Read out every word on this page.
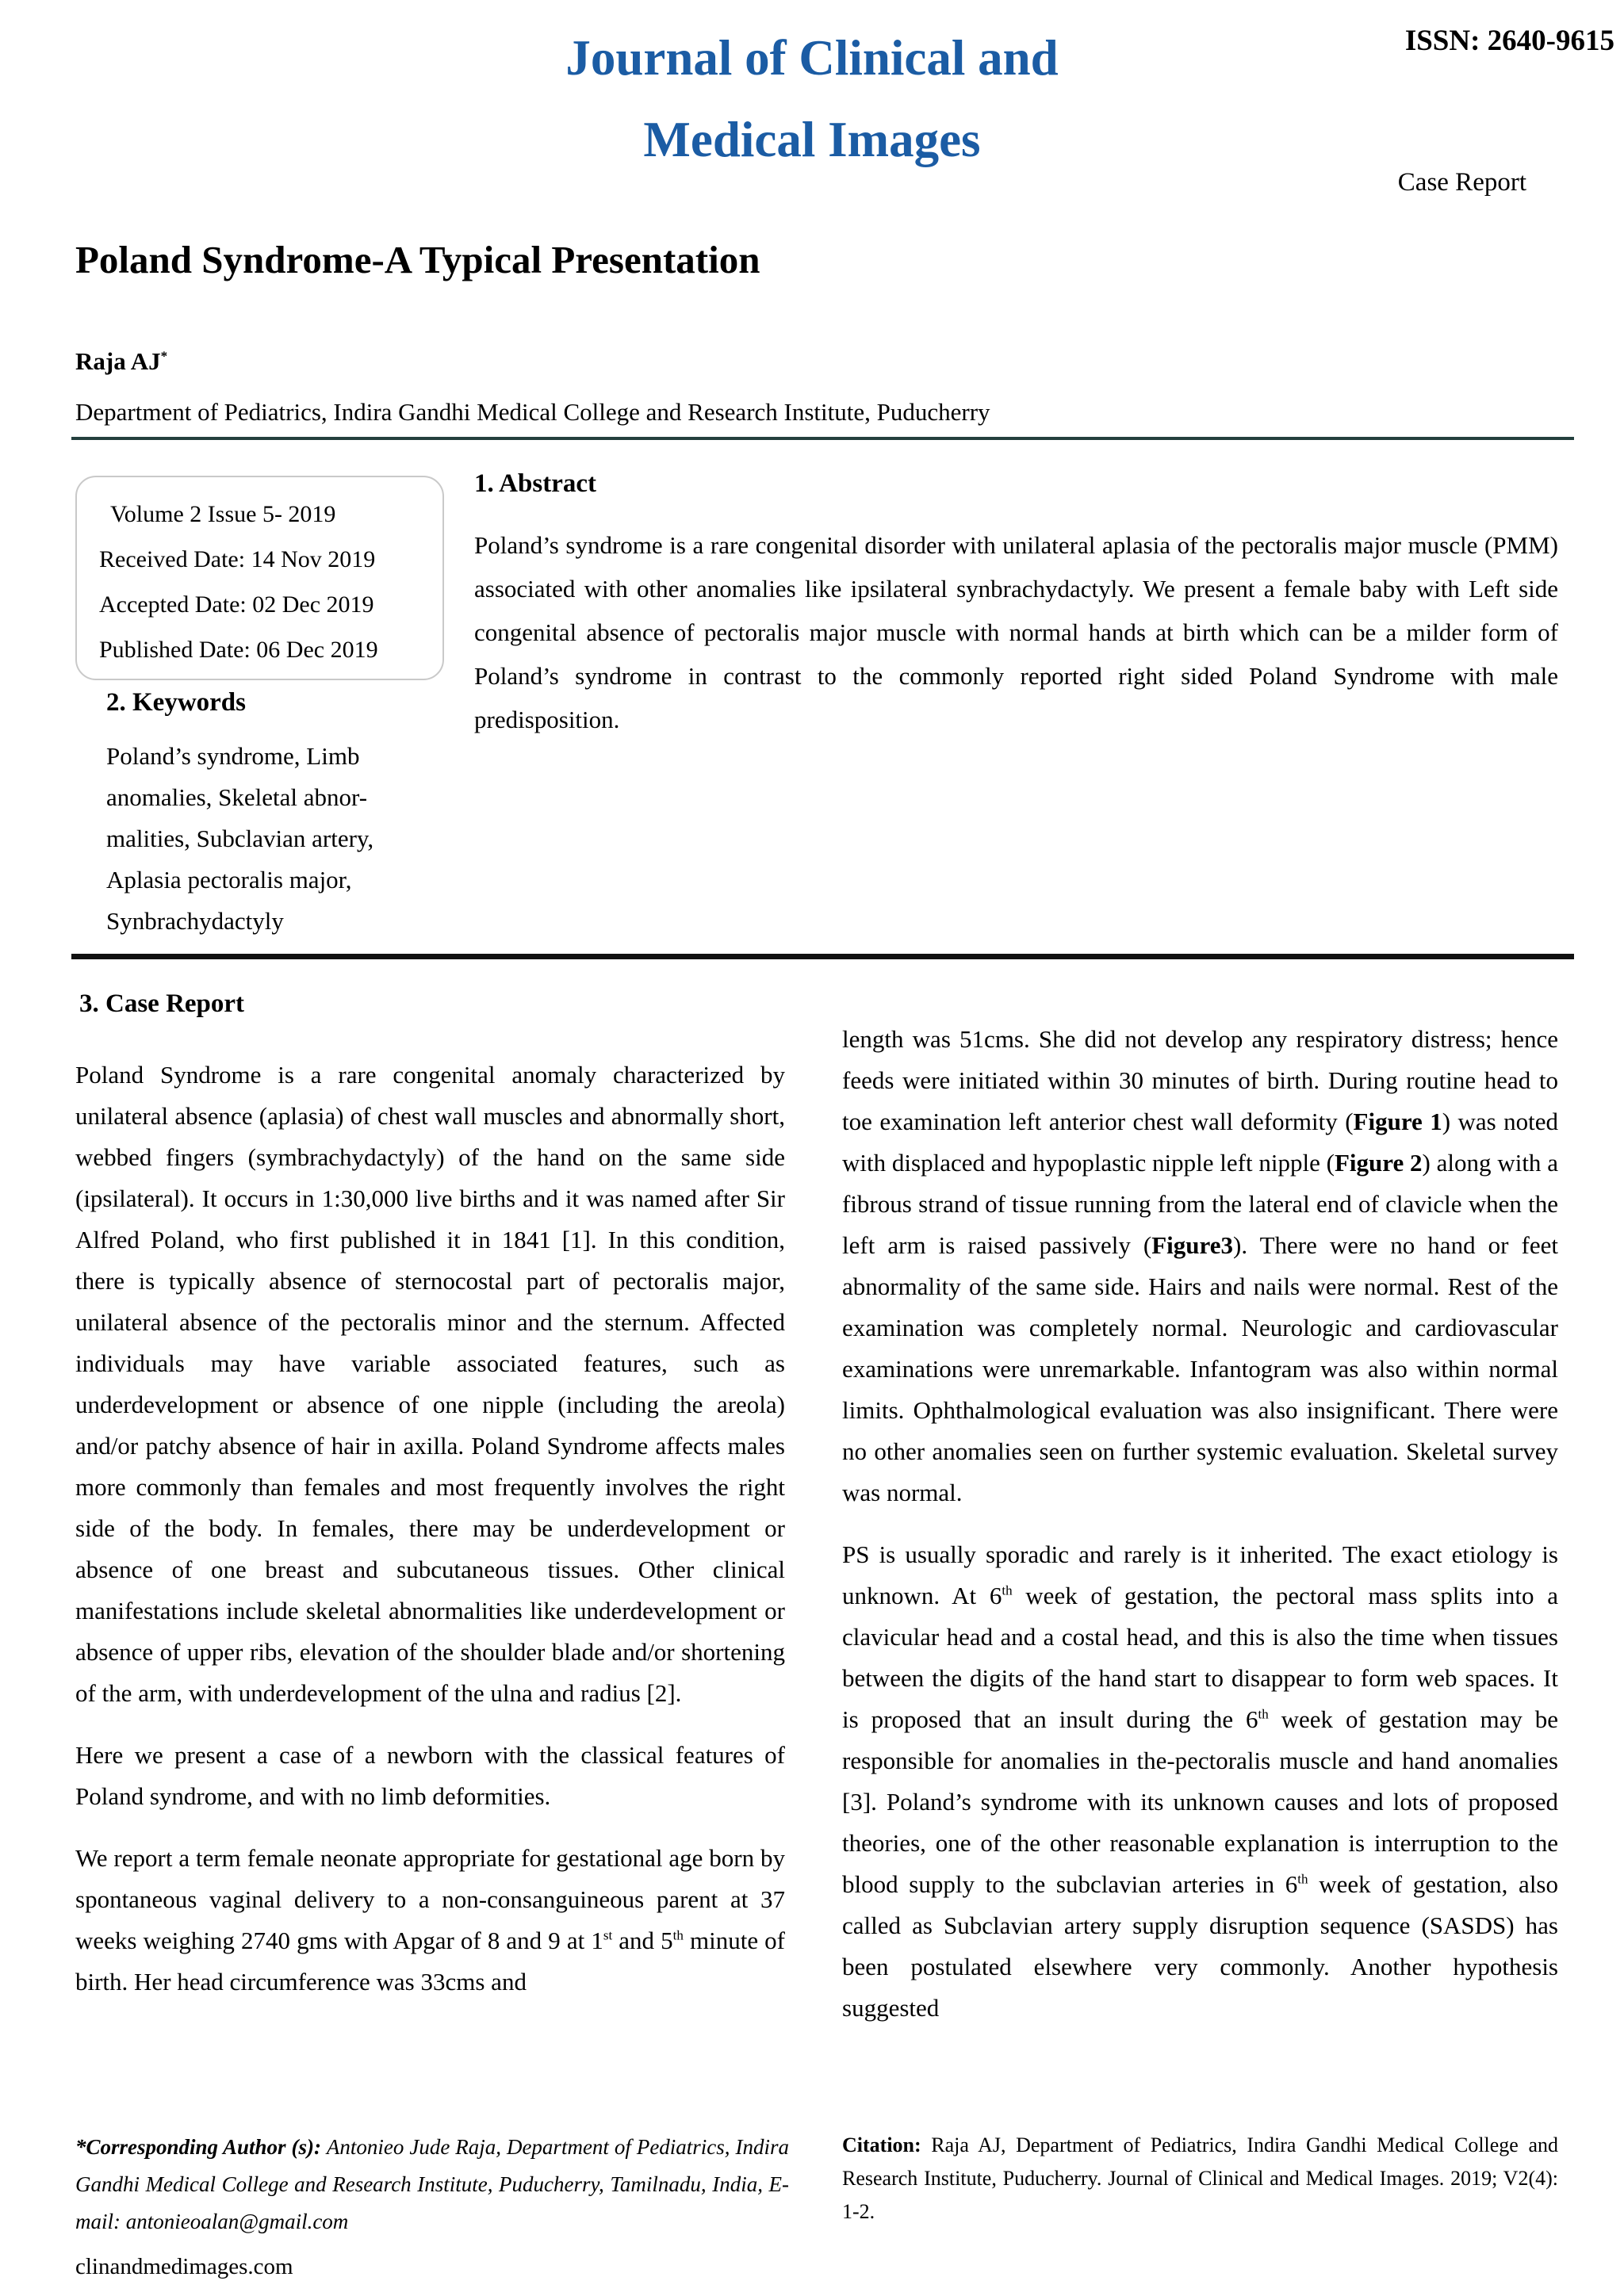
Journal of Clinical and
Medical Images
ISSN: 2640-9615
Case Report
Poland Syndrome-A Typical Presentation
Raja AJ*
Department of Pediatrics, Indira Gandhi Medical College and Research Institute, Puducherry
Volume 2 Issue 5- 2019
Received Date: 14 Nov 2019
Accepted Date: 02 Dec 2019
Published Date: 06 Dec 2019
1. Abstract
Poland’s syndrome is a rare congenital disorder with unilateral aplasia of the pectoralis major muscle (PMM) associated with other anomalies like ipsilateral synbrachydactyly. We present a female baby with Left side congenital absence of pectoralis major muscle with normal hands at birth which can be a milder form of Poland’s syndrome in contrast to the commonly reported right sided Poland Syndrome with male predisposition.
2. Keywords
Poland’s syndrome, Limb
anomalies, Skeletal abnor-
malities, Subclavian artery,
Aplasia pectoralis major,
Synbrachydactyly
3. Case Report

Poland Syndrome is a rare congenital anomaly characterized by unilateral absence (aplasia) of chest wall muscles and abnormally short, webbed fingers (symbrachydactyly) of the hand on the same side (ipsilateral). It occurs in 1:30,000 live births and it was named after Sir Alfred Poland, who first published it in 1841 [1]. In this condition, there is typically absence of sternocostal part of pectoralis major, unilateral absence of the pectoralis minor and the sternum. Affected individuals may have variable associated features, such as underdevelopment or absence of one nipple (including the areola) and/or patchy absence of hair in axilla. Poland Syndrome affects males more commonly than females and most frequently involves the right side of the body. In females, there may be underdevelopment or absence of one breast and subcutaneous tissues. Other clinical manifestations include skeletal abnormalities like underdevelopment or absence of upper ribs, elevation of the shoulder blade and/or shortening of the arm, with underdevelopment of the ulna and radius [2].

Here we present a case of a newborn with the classical features of Poland syndrome, and with no limb deformities.

We report a term female neonate appropriate for gestational age born by spontaneous vaginal delivery to a non-consanguineous parent at 37 weeks weighing 2740 gms with Apgar of 8 and 9 at 1st and 5th minute of birth. Her head circumference was 33cms and

length was 51cms. She did not develop any respiratory distress; hence feeds were initiated within 30 minutes of birth. During routine head to toe examination left anterior chest wall deformity (Figure 1) was noted with displaced and hypoplastic nipple left nipple (Figure 2) along with a fibrous strand of tissue running from the lateral end of clavicle when the left arm is raised passively (Figure3). There were no hand or feet abnormality of the same side. Hairs and nails were normal. Rest of the examination was completely normal. Neurologic and cardiovascular examinations were unremarkable. Infantogram was also within normal limits. Ophthalmological evaluation was also insignificant. There were no other anomalies seen on further systemic evaluation. Skeletal survey was normal.

PS is usually sporadic and rarely is it inherited. The exact etiology is unknown. At 6th week of gestation, the pectoral mass splits into a clavicular head and a costal head, and this is also the time when tissues between the digits of the hand start to disappear to form web spaces. It is proposed that an insult during the 6th week of gestation may be responsible for anomalies in the-pectoralis muscle and hand anomalies [3]. Poland’s syndrome with its unknown causes and lots of proposed theories, one of the other reasonable explanation is interruption to the blood supply to the subclavian arteries in 6th week of gestation, also called as Subclavian artery supply disruption sequence (SASDS) has been postulated elsewhere very commonly. Another hypothesis suggested

*Corresponding Author (s): Antonieo Jude Raja, Department of Pediatrics, Indira Gandhi Medical College and Research Institute, Puducherry, Tamilnadu, India, E-mail: antonieoalan@gmail.com
Citation: Raja AJ, Department of Pediatrics, Indira Gandhi Medical College and Research Institute, Puducherry. Journal of Clinical and Medical Images. 2019; V2(4): 1-2.
clinandmedimages.com
